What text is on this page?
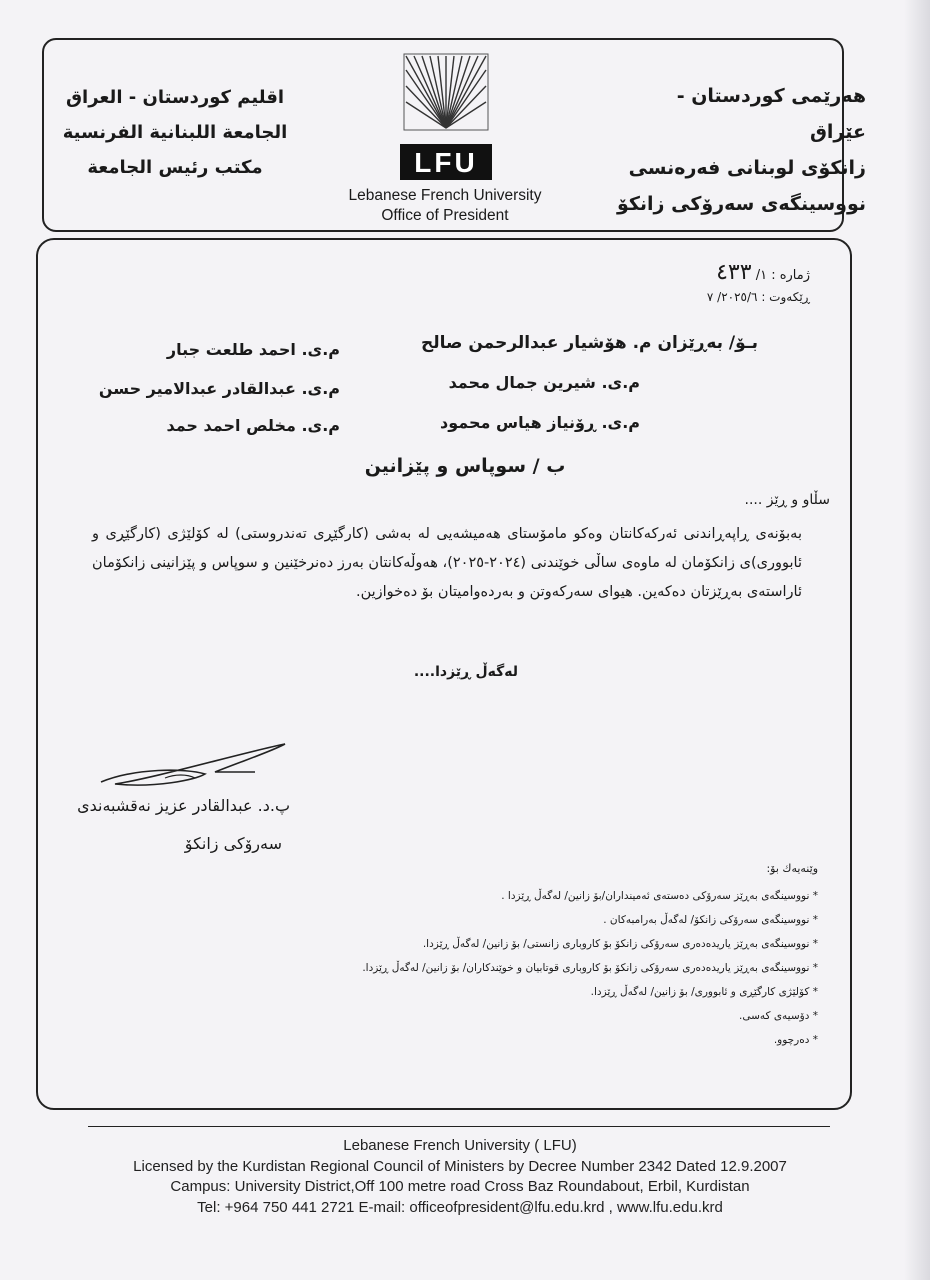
هەرێمی كوردستان - عێراق
زانكۆی لوبنانی فەرەنسی
نووسینگەی سەرۆكی زانكۆ
اقليم كوردستان - العراق
الجامعة اللبنانية الفرنسية
مكتب رئيس الجامعة	LFU
Lebanese French University
Office of President
ژمارە : ١/ ٤٣٣
ڕێكەوت : ٢٠٢٥/٦/ ٧
بـۆ/ بەڕێزان م. هۆشیار عبدالرحمن صالح
م.ی. شیرین جمال محمد
م.ی. ڕۆنیاز هیاس محمود
م.ی. احمد طلعت جبار
م.ی. عبدالقادر عبدالامیر حسن
م.ی. مخلص احمد حمد
ب / سوپاس و پێزانین
سڵاو و ڕێز ....
بەبۆنەی ڕاپەڕاندنی ئەركەكانتان وەكو مامۆستای هەمیشەیی لە بەشی (كارگێڕی تەندروستی) لە كۆلێژی (كارگێڕی و ئابووری)ی زانكۆمان لە ماوەی ساڵی خوێندنی (٢٠٢٤-٢٠٢٥)، هەوڵەكانتان بەرز دەنرخێنین و سوپاس و پێزانینی زانكۆمان ئاراستەی بەڕێزتان دەكەین. هیوای سەركەوتن و بەردەوامیتان بۆ دەخوازین.
لەگەڵ ڕێزدا....
پ.د. عبدالقادر عزیز نەقشبەندی
سەرۆكی زانكۆ
وێنەیەك بۆ:
* نووسینگەی بەڕێز سەرۆكی دەستەی ئەمینداران/بۆ زانین/ لەگەڵ ڕێزدا .
* نووسینگەی سەرۆكی زانكۆ/ لەگەڵ بەرامبەكان .
* نووسینگەی بەڕێز یاریدەدەری سەرۆكی زانكۆ بۆ كاروباری زانستی/ بۆ زانین/ لەگەڵ ڕێزدا.
* نووسینگەی بەڕێز یاریدەدەری سەرۆكی زانكۆ بۆ كاروباری قوتابیان و خوێندكاران/ بۆ زانین/ لەگەڵ ڕێزدا.
* كۆلێژی كارگێڕی و ئابووری/ بۆ زانین/ لەگەڵ ڕێزدا.
* دۆسیەی كەسی.
* دەرچوو.
Lebanese French University ( LFU)
Licensed by the Kurdistan Regional Council of Ministers by Decree Number 2342 Dated 12.9.2007
Campus: University District,Off 100 metre road Cross Baz Roundabout, Erbil, Kurdistan
Tel: +964 750 441 2721 E-mail: officeofpresident@lfu.edu.krd , www.lfu.edu.krd
